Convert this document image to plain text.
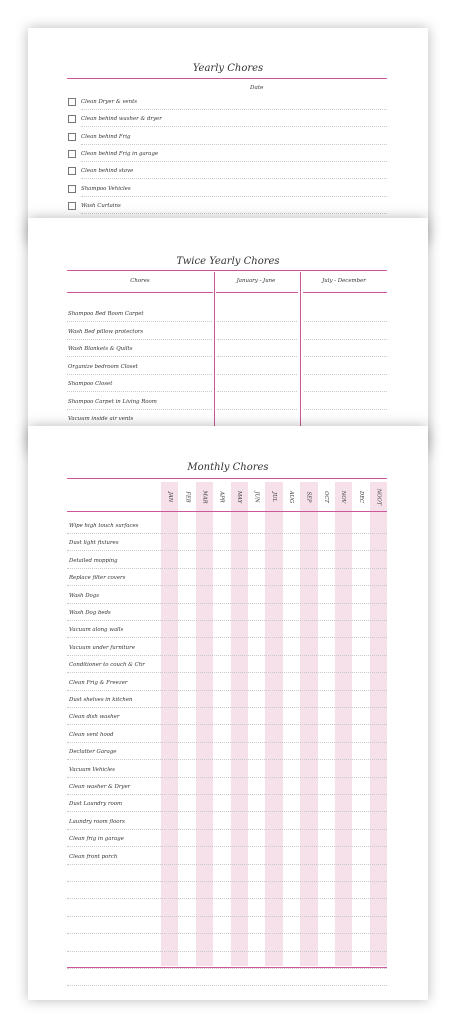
Yearly Chores
Date
Clean Dryer & vents
Clean behind washer & dryer
Clean behind Frig
Clean behind Frig in garage
Clean behind stove
Shampoo Vehicles
Wash Curtains
Twice Yearly Chores
Chores	January - June	July - December
Shampoo Bed Room Carpet
Wash Bed pillow protectors
Wash Blankets & Quilts
Organize bedroom Closet
Shampoo Closet
Shampoo Carpet in Living Room
Vacuum inside air vents
Monthly Chores
JAN FEB MAR APR MAY JUN JUL AUG SEP OCT NOV DEC NOOT
Wipe high touch surfaces
Dust light fixtures
Detailed mopping
Replace filter covers
Wash Dogs
Wash Dog beds
Vacuum along walls
Vacuum under furniture
Conditioner to couch & Chr
Clean Frig & Freezer
Dust shelves in kitchen
Clean dish washer
Clean vent hood
Declutter Garage
Vacuum Vehicles
Clean washer & Dryer
Dust Laundry room
Laundry room floors
Clean frig in garage
Clean front porch
